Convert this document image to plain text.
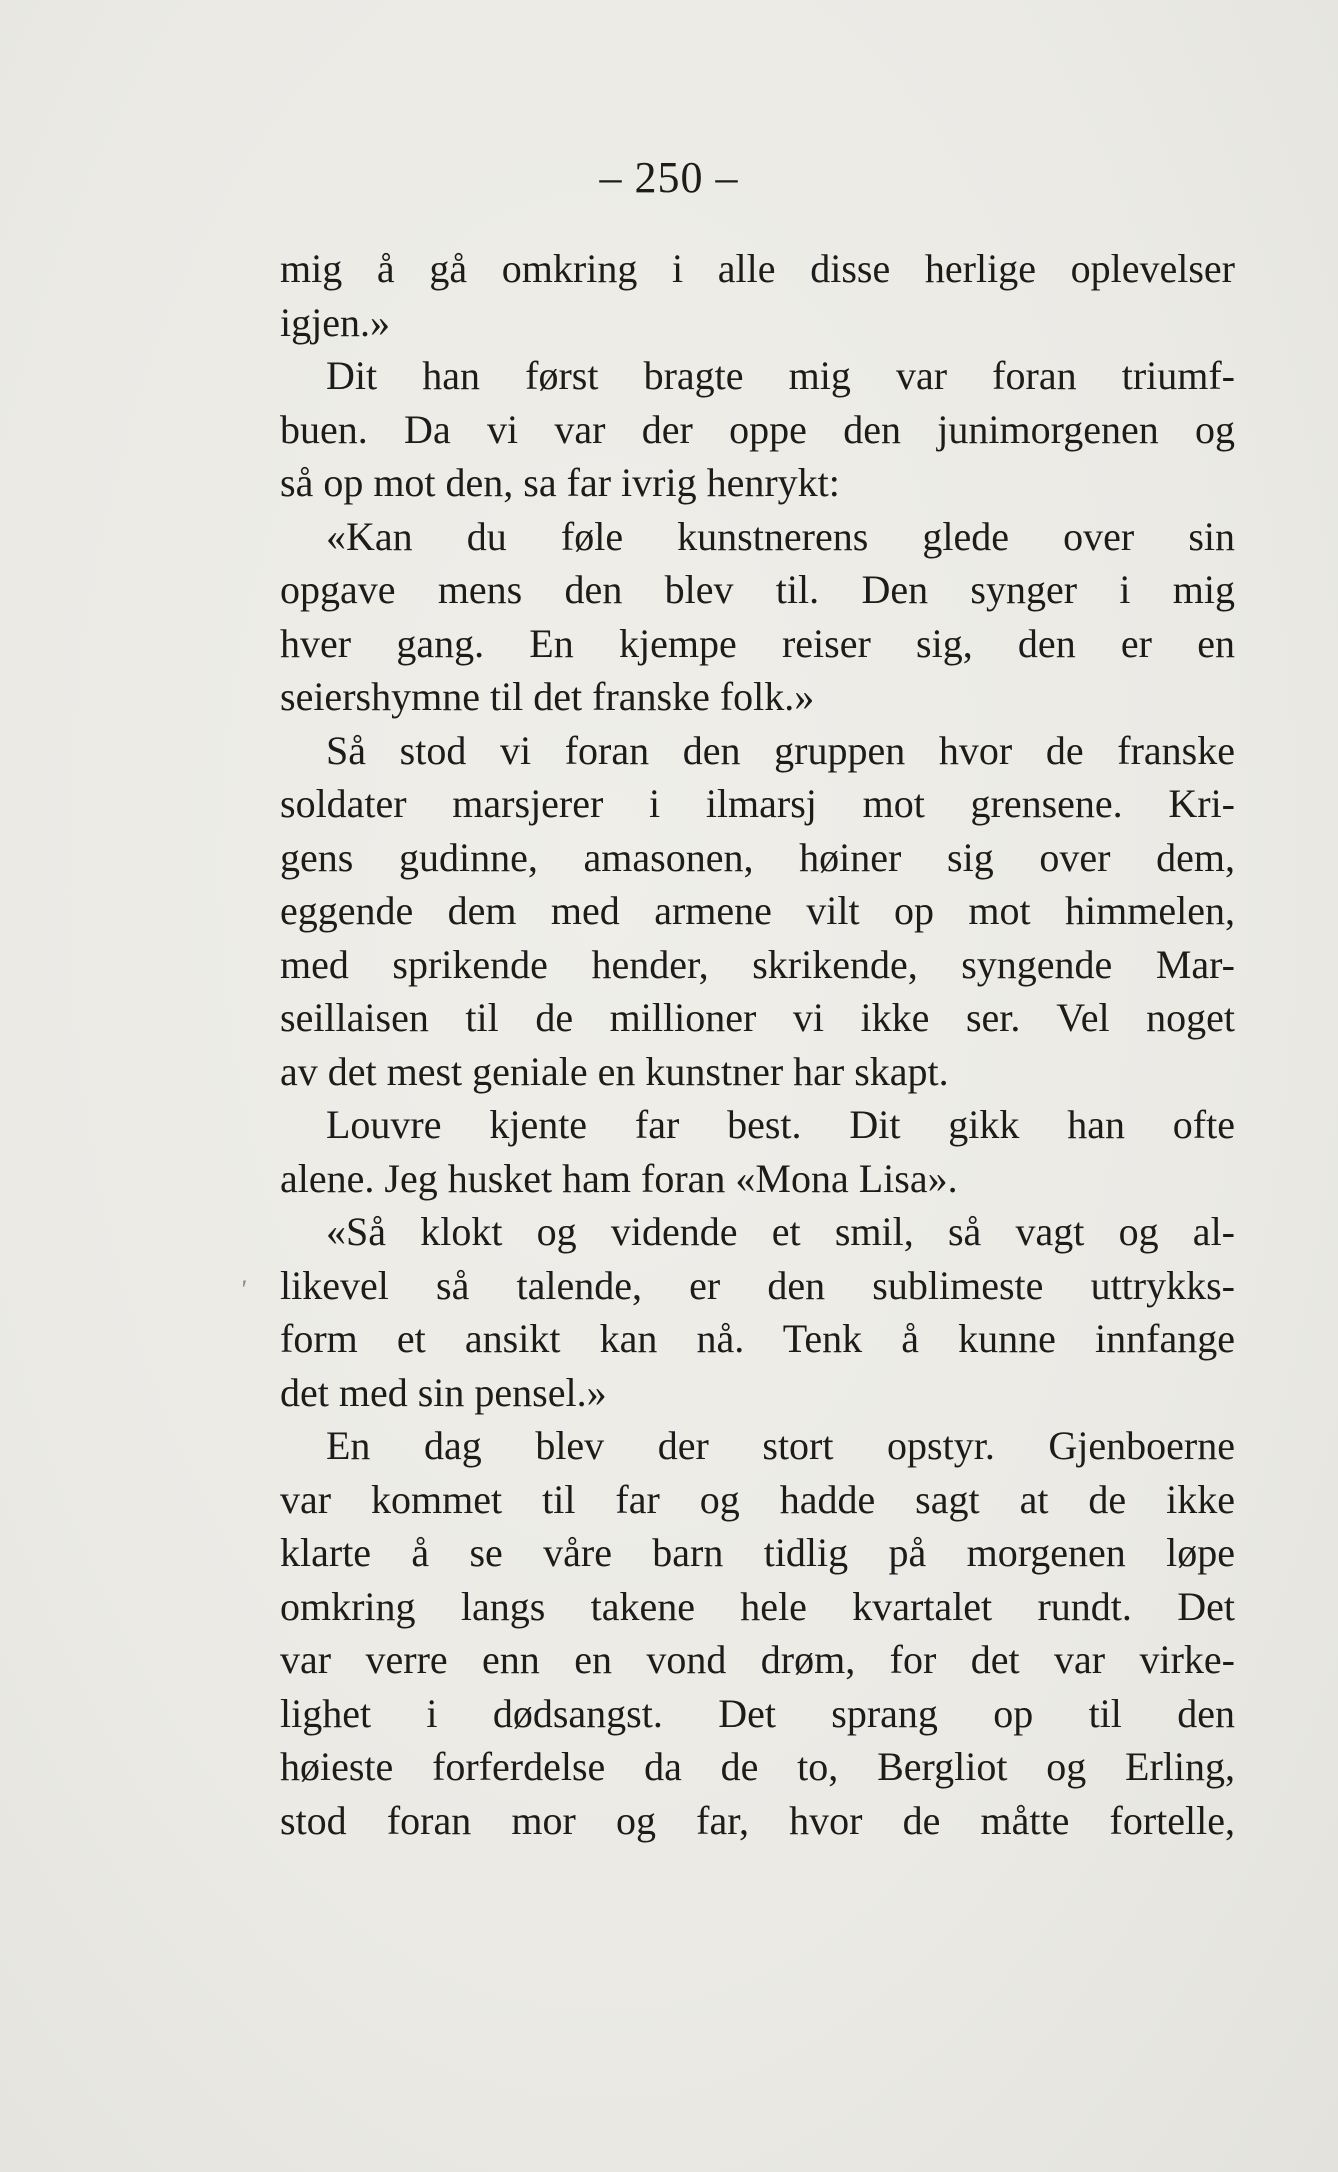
– 250 –
'
mig å gå omkring i alle disse herlige oplevelser
igjen.»
Dit han først bragte mig var foran triumf-
buen. Da vi var der oppe den junimorgenen og
så op mot den, sa far ivrig henrykt:
«Kan du føle kunstnerens glede over sin
opgave mens den blev til. Den synger i mig
hver gang. En kjempe reiser sig, den er en
seiershymne til det franske folk.»
Så stod vi foran den gruppen hvor de franske
soldater marsjerer i ilmarsj mot grensene. Kri-
gens gudinne, amasonen, høiner sig over dem,
eggende dem med armene vilt op mot himmelen,
med sprikende hender, skrikende, syngende Mar-
seillaisen til de millioner vi ikke ser. Vel noget
av det mest geniale en kunstner har skapt.
Louvre kjente far best. Dit gikk han ofte
alene. Jeg husket ham foran «Mona Lisa».
«Så klokt og vidende et smil, så vagt og al-
likevel så talende, er den sublimeste uttrykks-
form et ansikt kan nå. Tenk å kunne innfange
det med sin pensel.»
En dag blev der stort opstyr. Gjenboerne
var kommet til far og hadde sagt at de ikke
klarte å se våre barn tidlig på morgenen løpe
omkring langs takene hele kvartalet rundt. Det
var verre enn en vond drøm, for det var virke-
lighet i dødsangst. Det sprang op til den
høieste forferdelse da de to, Bergliot og Erling,
stod foran mor og far, hvor de måtte fortelle,
